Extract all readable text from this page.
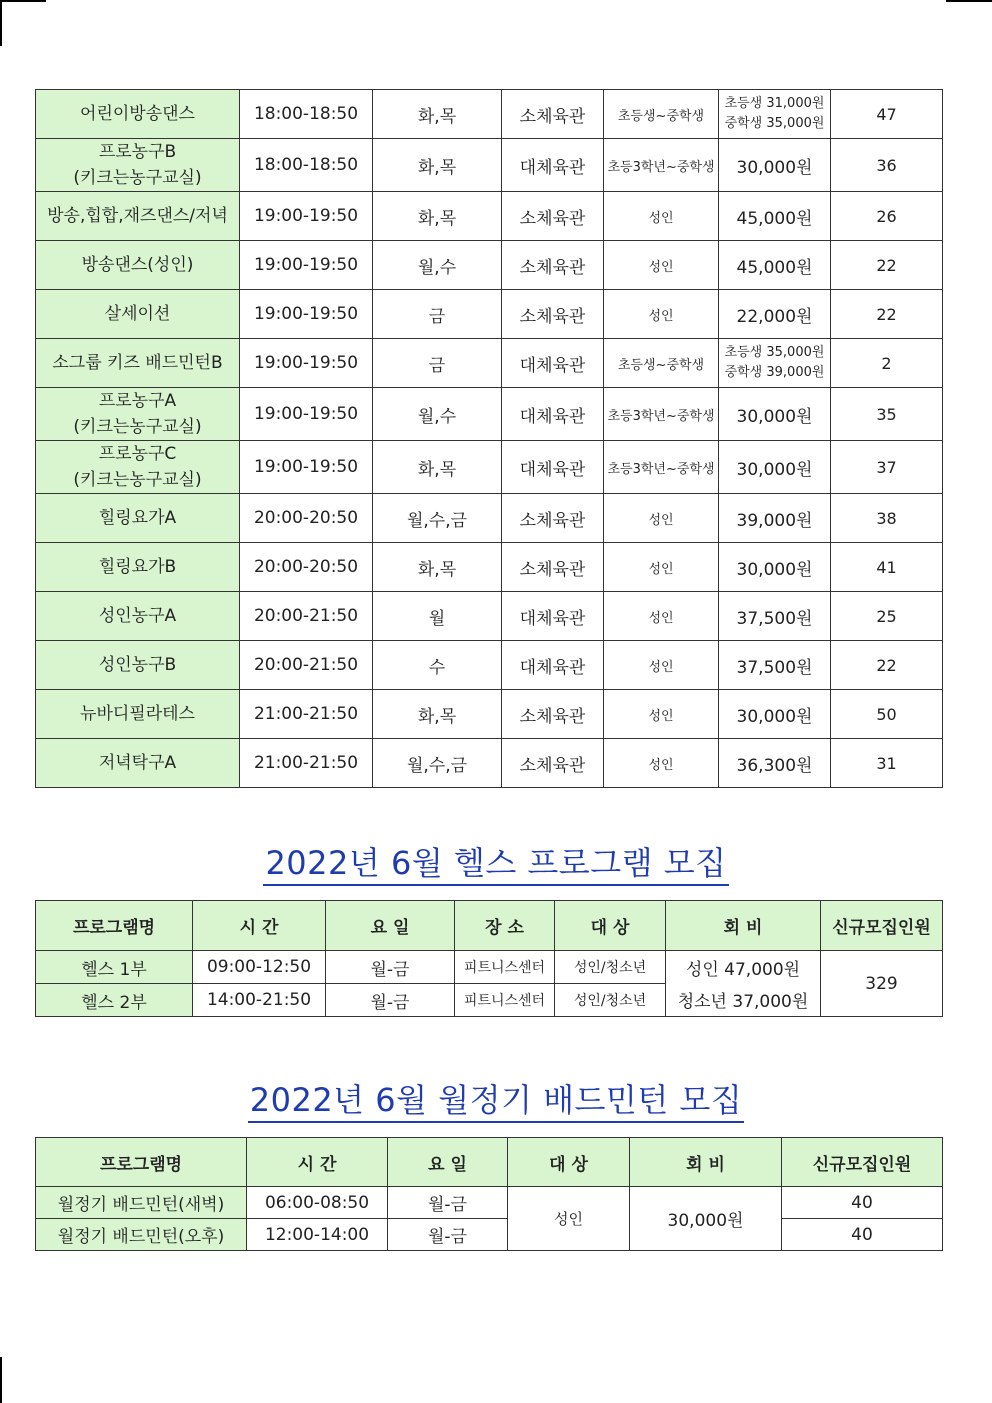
어린이방송댄스	18:00-18:50	화,목	소체육관	초등생~중학생	초등생 31,000원
중학생 35,000원	47

프로농구B
(키크는농구교실)	18:00-18:50	화,목	대체육관	초등3학년~중학생	30,000원	36

방송,힙합,재즈댄스/저녁	19:00-19:50	화,목	소체육관	성인	45,000원	26

방송댄스(성인)	19:00-19:50	월,수	소체육관	성인	45,000원	22

살세이션	19:00-19:50	금	소체육관	성인	22,000원	22

소그룹 키즈 배드민턴B	19:00-19:50	금	대체육관	초등생~중학생	초등생 35,000원
중학생 39,000원	2

프로농구A
(키크는농구교실)	19:00-19:50	월,수	대체육관	초등3학년~중학생	30,000원	35

프로농구C
(키크는농구교실)	19:00-19:50	화,목	대체육관	초등3학년~중학생	30,000원	37

힐링요가A	20:00-20:50	월,수,금	소체육관	성인	39,000원	38

힐링요가B	20:00-20:50	화,목	소체육관	성인	30,000원	41

성인농구A	20:00-21:50	월	대체육관	성인	37,500원	25

성인농구B	20:00-21:50	수	대체육관	성인	37,500원	22

뉴바디필라테스	21:00-21:50	화,목	소체육관	성인	30,000원	50

저녁탁구A	21:00-21:50	월,수,금	소체육관	성인	36,300원	31
2022년 6월 헬스 프로그램 모집
프로그램명	시 간	요 일	장 소	대 상	회 비	신규모집인원
헬스 1부	09:00-12:50	월-금	피트니스센터	성인/청소년	성인 47,000원	329
헬스 2부	14:00-21:50	월-금	피트니스센터	성인/청소년	청소년 37,000원	
2022년 6월 월정기 배드민턴 모집
프로그램명	시 간	요 일	대 상	회 비	신규모집인원
월정기 배드민턴(새벽)	06:00-08:50	월-금	성인	30,000원	40
월정기 배드민턴(오후)	12:00-14:00	월-금			40
